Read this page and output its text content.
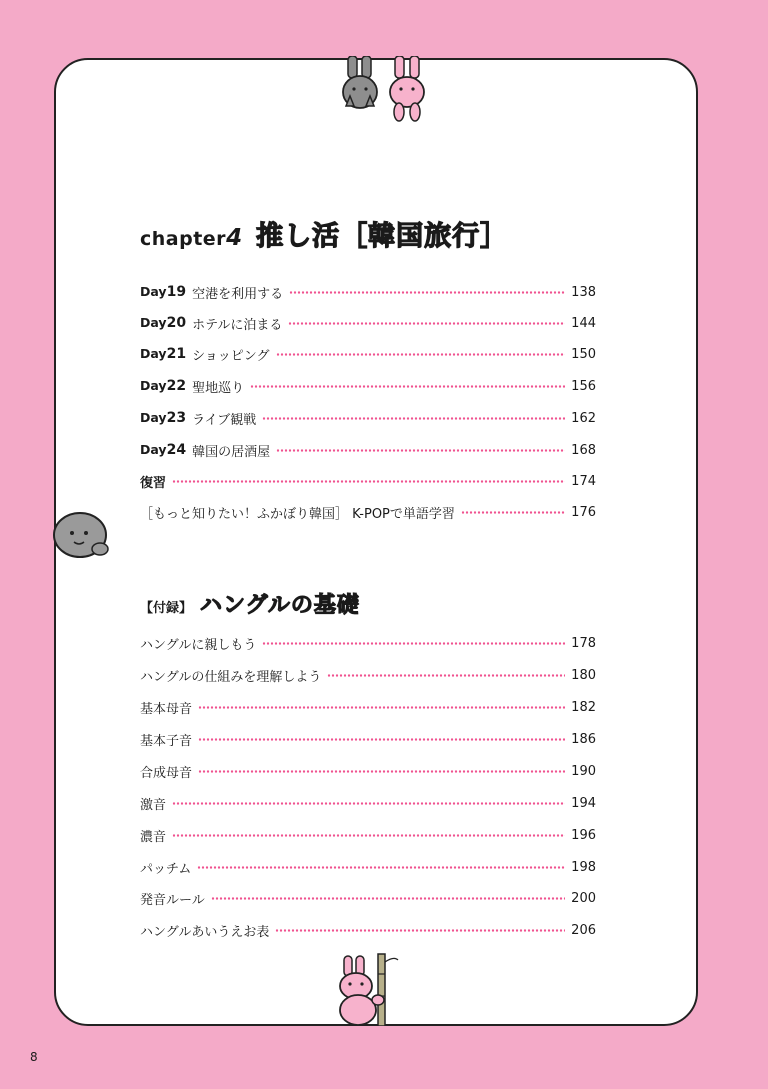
chapter 4 推し活［韓国旅行］
Day19 空港を利用する	138
Day20 ホテルに泊まる	144
Day21 ショッピング	150
Day22 聖地巡り	156
Day23 ライブ観戦	162
Day24 韓国の居酒屋	168
復習	174
［もっと知りたい！ふかぼり韓国］ K-POPで単語学習	176
【付録】 ハングルの基礎
ハングルに親しもう	178
ハングルの仕組みを理解しよう	180
基本母音	182
基本子音	186
合成母音	190
激音	194
濃音	196
パッチム	198
発音ルール	200
ハングルあいうえお表	206
8
